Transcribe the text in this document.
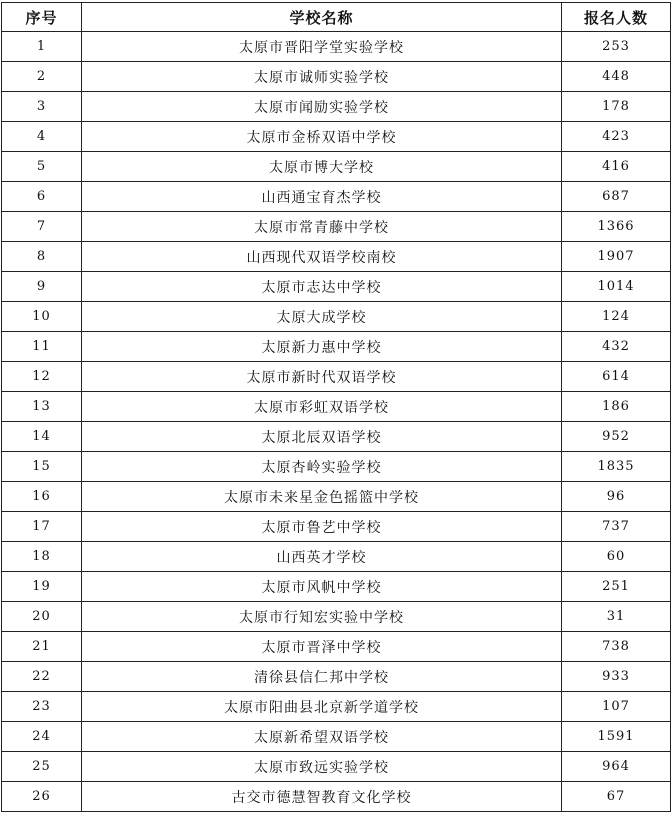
序号	学校名称	报名人数
1	太原市晋阳学堂实验学校	253
2	太原市诚师实验学校	448
3	太原市闻励实验学校	178
4	太原市金桥双语中学校	423
5	太原市博大学校	416
6	山西通宝育杰学校	687
7	太原市常青藤中学校	1366
8	山西现代双语学校南校	1907
9	太原市志达中学校	1014
10	太原大成学校	124
11	太原新力惠中学校	432
12	太原市新时代双语学校	614
13	太原市彩虹双语学校	186
14	太原北辰双语学校	952
15	太原杏岭实验学校	1835
16	太原市未来星金色摇篮中学校	96
17	太原市鲁艺中学校	737
18	山西英才学校	60
19	太原市风帆中学校	251
20	太原市行知宏实验中学校	31
21	太原市晋泽中学校	738
22	清徐县信仁邦中学校	933
23	太原市阳曲县北京新学道学校	107
24	太原新希望双语学校	1591
25	太原市致远实验学校	964
26	古交市德慧智教育文化学校	67
